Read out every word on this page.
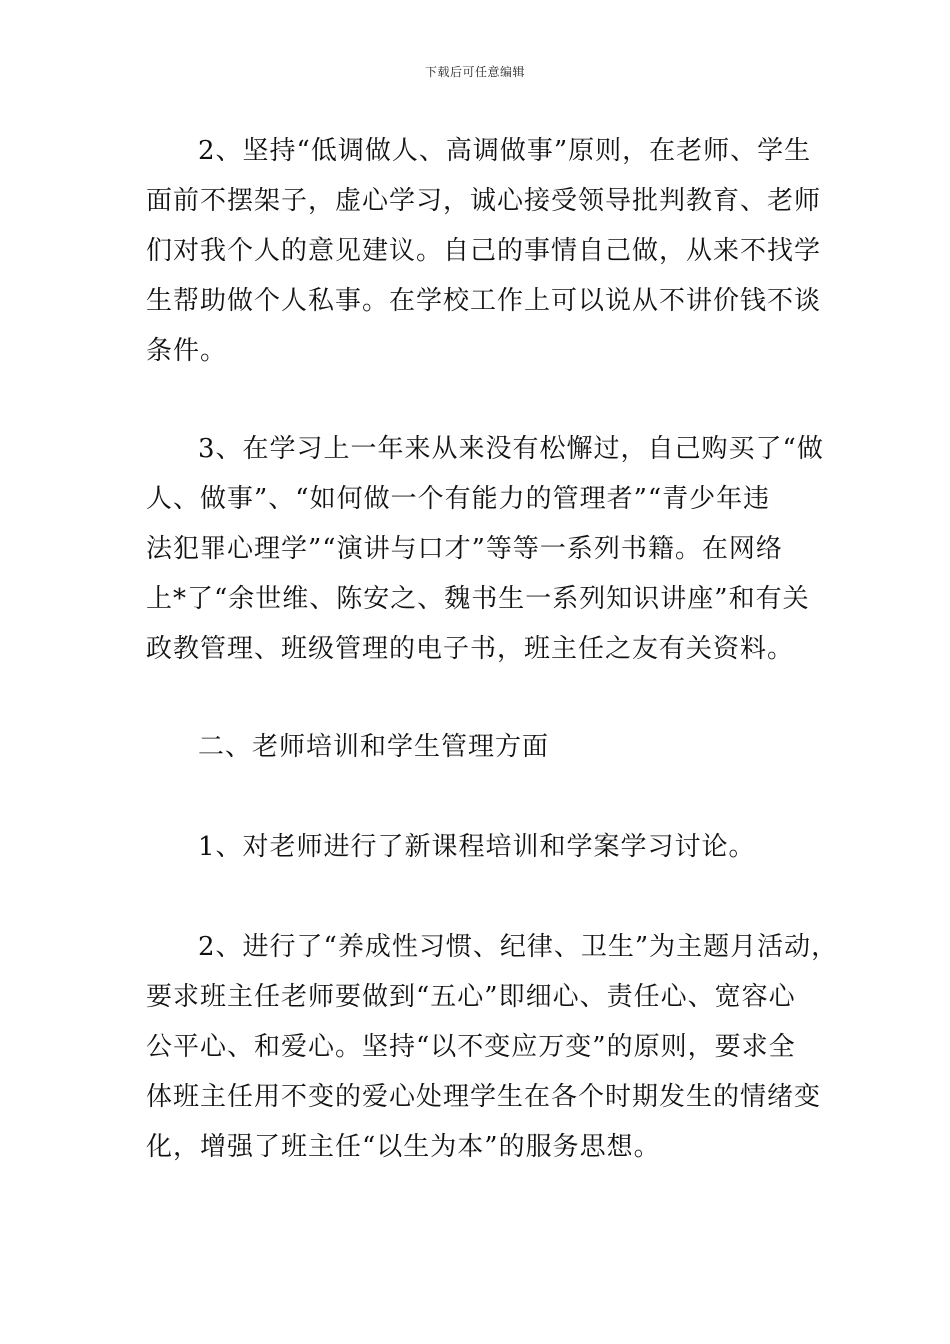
下载后可任意编辑
2、坚持“低调做人、高调做事”原则，在老师、学生
面前不摆架子，虚心学习，诚心接受领导批判教育、老师
们对我个人的意见建议。自己的事情自己做，从来不找学
生帮助做个人私事。在学校工作上可以说从不讲价钱不谈
条件。
3、在学习上一年来从来没有松懈过，自己购买了“做
人、做事”、“如何做一个有能力的管理者”“青少年违
法犯罪心理学”“演讲与口才”等等一系列书籍。在网络
上*了“余世维、陈安之、魏书生一系列知识讲座”和有关
政教管理、班级管理的电子书，班主任之友有关资料。
二、老师培训和学生管理方面
1、对老师进行了新课程培训和学案学习讨论。
2、进行了“养成性习惯、纪律、卫生”为主题月活动，
要求班主任老师要做到“五心”即细心、责任心、宽容心
公平心、和爱心。坚持“以不变应万变”的原则，要求全
体班主任用不变的爱心处理学生在各个时期发生的情绪变
化，增强了班主任“以生为本”的服务思想。
